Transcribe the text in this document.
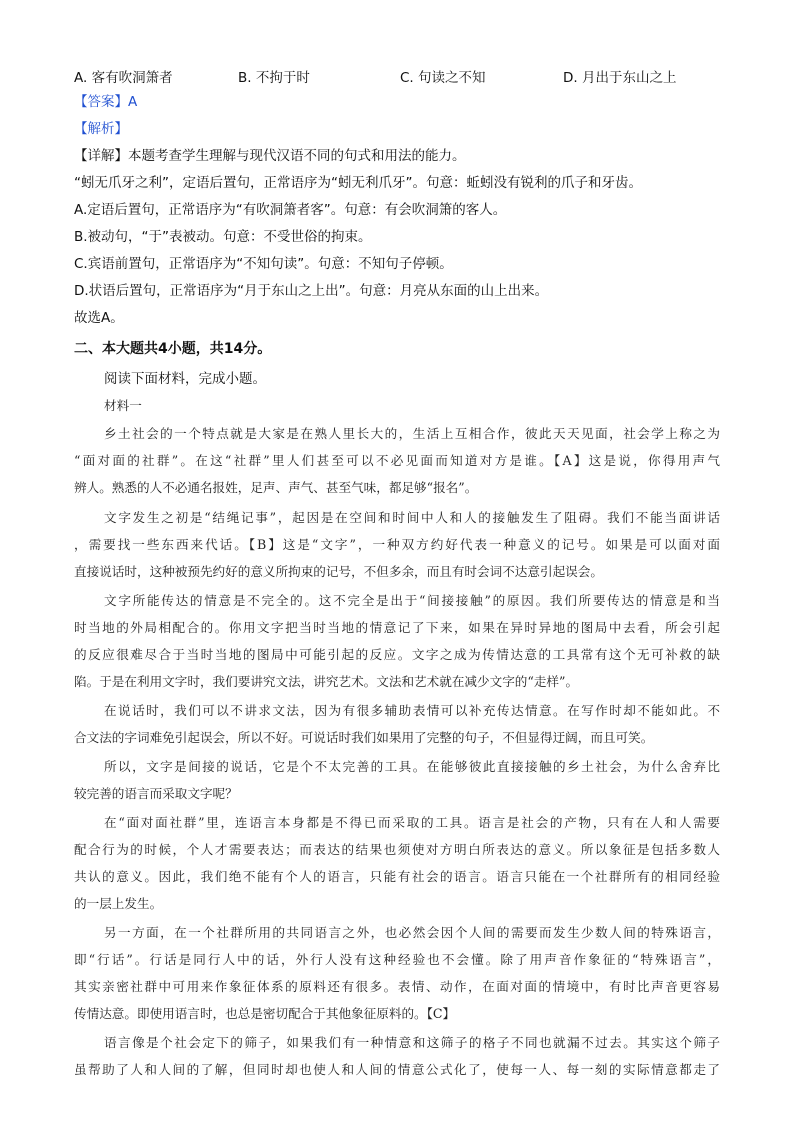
A. 客有吹洞箫者	B. 不拘于时	C. 句读之不知	D. 月出于东山之上
【答案】A
【解析】
【详解】本题考查学生理解与现代汉语不同的句式和用法的能力。
“蚓无爪牙之利”，定语后置句，正常语序为“蚓无利爪牙”。句意：蚯蚓没有锐利的爪子和牙齿。
A.定语后置句，正常语序为“有吹洞箫者客”。句意：有会吹洞箫的客人。
B.被动句，“于”表被动。句意：不受世俗的拘束。
C.宾语前置句，正常语序为“不知句读”。句意：不知句子停顿。
D.状语后置句，正常语序为“月于东山之上出”。句意：月亮从东面的山上出来。
故选A。
二、本大题共4小题，共14分。
阅读下面材料，完成小题。
材料一
乡土社会的一个特点就是大家是在熟人里长大的，生活上互相合作，彼此天天见面，社会学上称之为
“面对面的社群”。在这“社群”里人们甚至可以不必见面而知道对方是谁。【A】这是说，你得用声气
辨人。熟悉的人不必通名报姓，足声、声气、甚至气味，都足够“报名”。
文字发生之初是“结绳记事”，起因是在空间和时间中人和人的接触发生了阻碍。我们不能当面讲话
，需要找一些东西来代话。【B】这是“文字”，一种双方约好代表一种意义的记号。如果是可以面对面
直接说话时，这种被预先约好的意义所拘束的记号，不但多余，而且有时会词不达意引起误会。
文字所能传达的情意是不完全的。这不完全是出于“间接接触”的原因。我们所要传达的情意是和当
时当地的外局相配合的。你用文字把当时当地的情意记了下来，如果在异时异地的图局中去看，所会引起
的反应很难尽合于当时当地的图局中可能引起的反应。文字之成为传情达意的工具常有这个无可补救的缺
陷。于是在利用文字时，我们要讲究文法，讲究艺术。文法和艺术就在减少文字的“走样”。
在说话时，我们可以不讲求文法，因为有很多辅助表情可以补充传达情意。在写作时却不能如此。不
合文法的字词难免引起误会，所以不好。可说话时我们如果用了完整的句子，不但显得迂阔，而且可笑。
所以，文字是间接的说话，它是个不太完善的工具。在能够彼此直接接触的乡土社会，为什么舍弃比
较完善的语言而采取文字呢？
在“面对面社群”里，连语言本身都是不得已而采取的工具。语言是社会的产物，只有在人和人需要
配合行为的时候，个人才需要表达；而表达的结果也须使对方明白所表达的意义。所以象征是包括多数人
共认的意义。因此，我们绝不能有个人的语言，只能有社会的语言。语言只能在一个社群所有的相同经验
的一层上发生。
另一方面，在一个社群所用的共同语言之外，也必然会因个人间的需要而发生少数人间的特殊语言，
即“行话”。行话是同行人中的话，外行人没有这种经验也不会懂。除了用声音作象征的“特殊语言”，
其实亲密社群中可用来作象征体系的原料还有很多。表情、动作，在面对面的情境中，有时比声音更容易
传情达意。即使用语言时，也总是密切配合于其他象征原料的。【C】
语言像是个社会定下的筛子，如果我们有一种情意和这筛子的格子不同也就漏不过去。其实这个筛子
虽帮助了人和人间的了解，但同时却也使人和人间的情意公式化了，使每一人、每一刻的实际情意都走了
